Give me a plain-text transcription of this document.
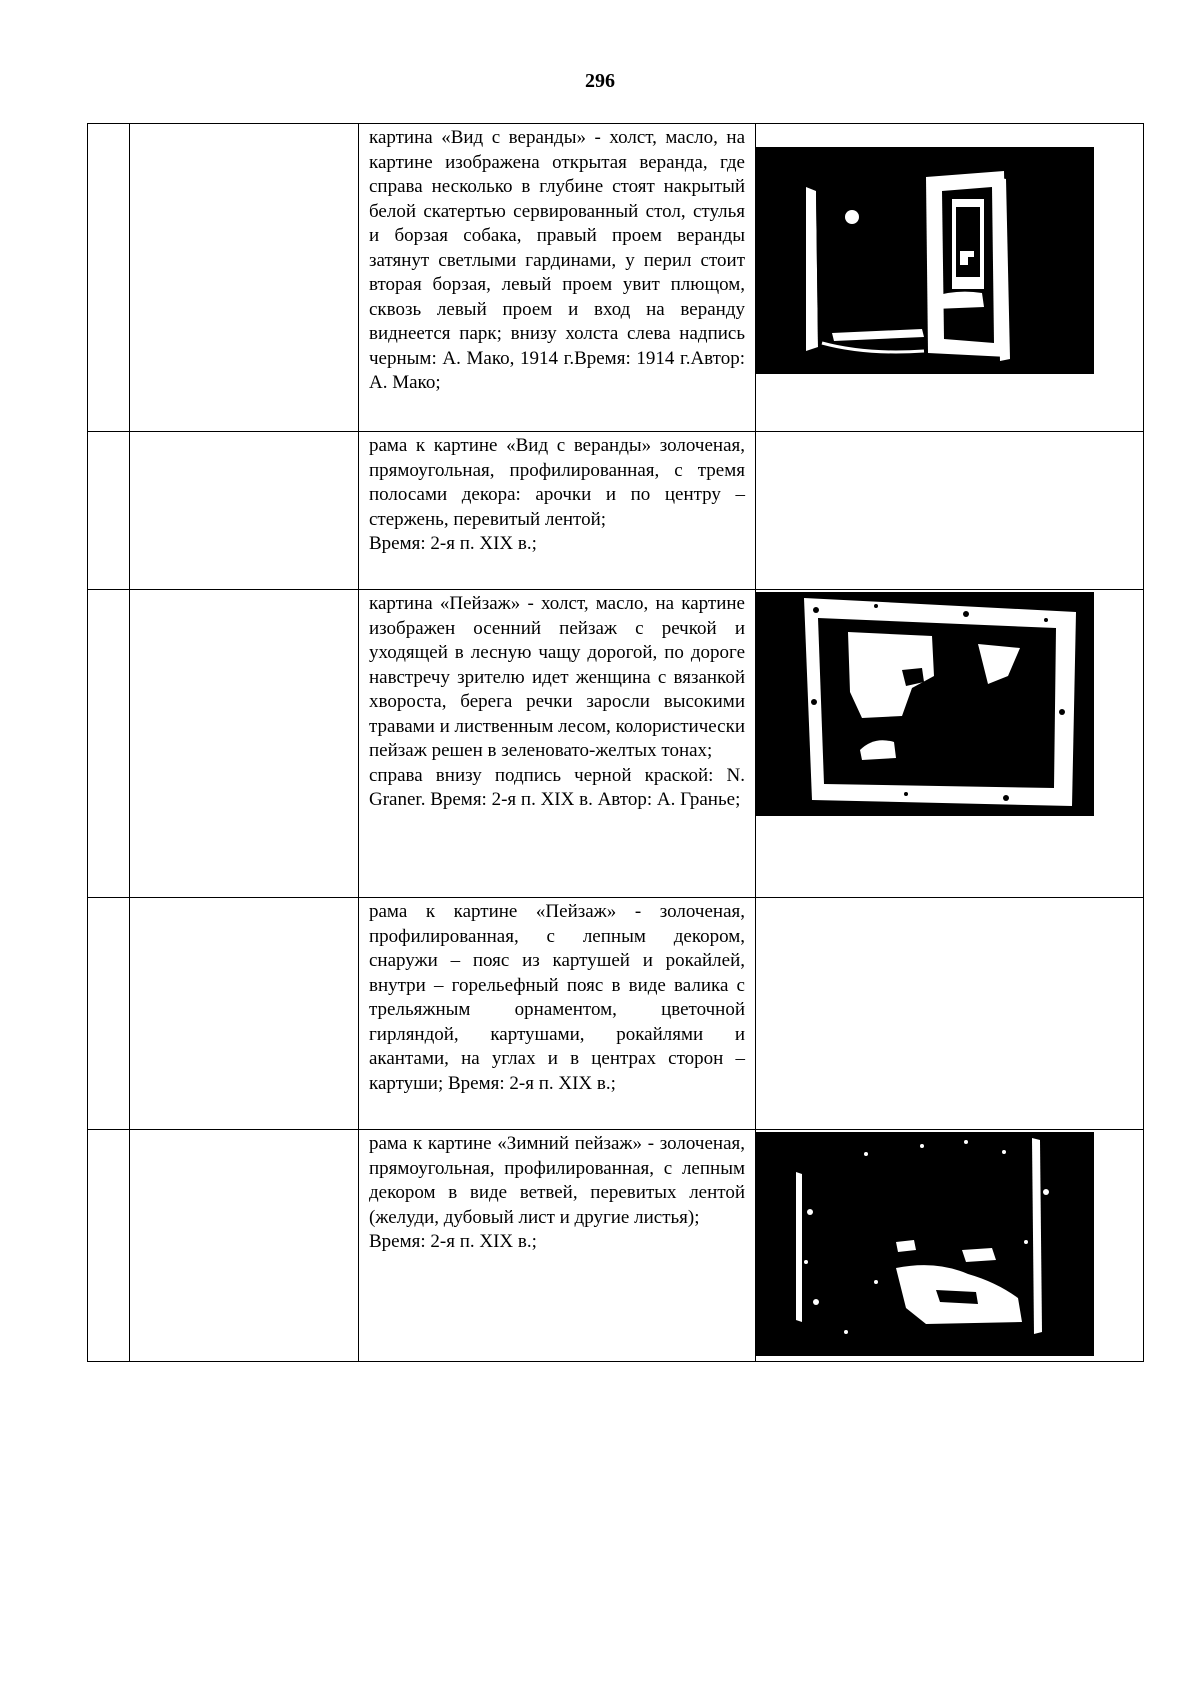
296

		картина «Вид с веранды» - холст, масло, на картине изображена открытая веранда, где справа несколько в глубине стоят накрытый белой скатертью сервированный стол, стулья и борзая собака, правый проем веранды затянут светлыми гардинами, у перил стоит вторая борзая, левый проем увит плющом, сквозь левый проем и вход на веранду виднеется парк; внизу холста слева надпись черным: А. Мако, 1914 г.Время: 1914 г.Автор: А. Мако;

		рама к картине «Вид с веранды» золоченая, прямоугольная, профилированная, с тремя полосами декора: арочки и по центру – стержень, перевитый лентой;

Время: 2-я п. XIX в.;	

		картина «Пейзаж» - холст, масло, на картине изображен осенний пейзаж с речкой и уходящей в лесную чащу дорогой, по дороге навстречу зрителю идет женщина с вязанкой хвороста, берега речки заросли высокими травами и лиственным лесом, колористически пейзаж решен в зеленовато-желтых тонах;

справа внизу подпись черной краской: N. Graner. Время: 2-я п. XIX в. Автор: А. Гранье;

		рама к картине «Пейзаж» - золоченая, профилированная, с лепным декором, снаружи – пояс из картушей и рокайлей, внутри – горельефный пояс в виде валика с трельяжным орнаментом, цветочной гирляндой, картушами, рокайлями и акантами, на углах и в центрах сторон – картуши; Время: 2-я п. XIX в.;	

		рама к картине «Зимний пейзаж» - золоченая, прямоугольная, профилированная, с лепным декором в виде ветвей, перевитых лентой (желуди, дубовый лист и другие листья);

Время: 2-я п. XIX в.;
